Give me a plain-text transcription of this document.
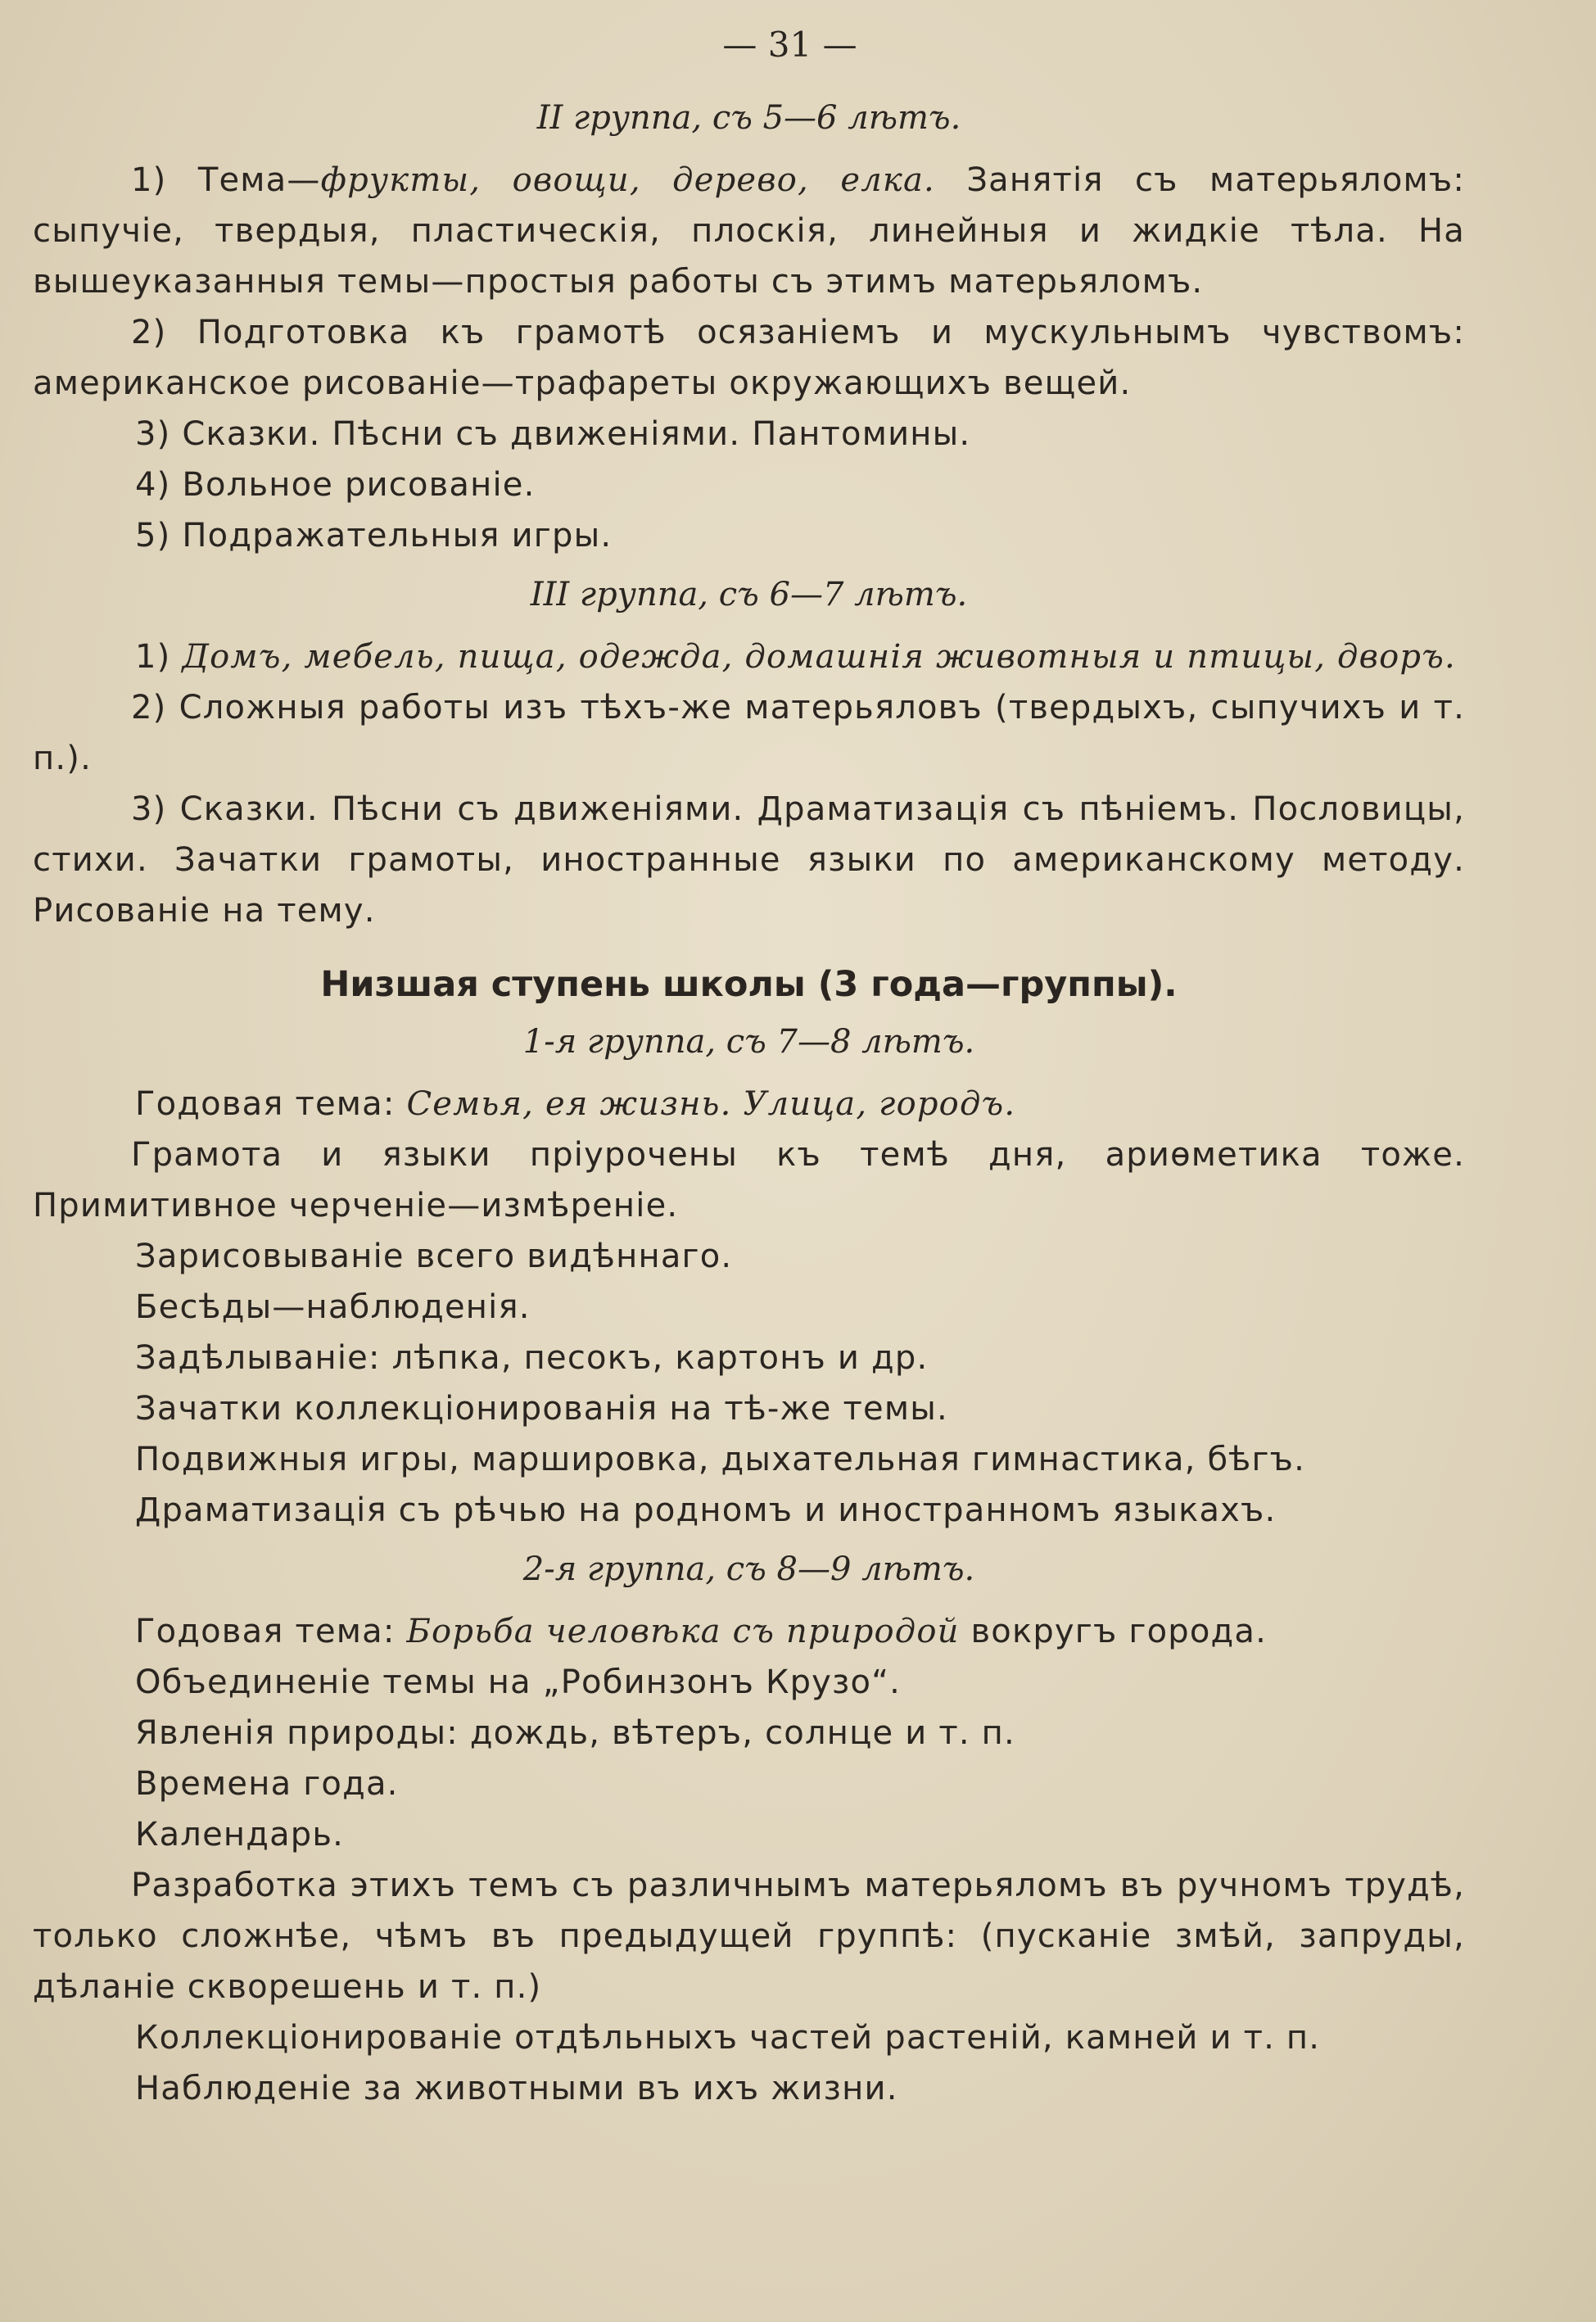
— 31 —
II группа, съ 5—6 лѣтъ.

1) Тема—фрукты, овощи, дерево, елка. Занятія съ матерьяломъ: сыпучіе, твердыя, пластическія, плоскія, линейныя и жидкіе тѣла. На вышеуказанныя темы—простыя работы съ этимъ матерьяломъ.

2) Подготовка къ грамотѣ осязаніемъ и мускульнымъ чувствомъ: американское рисованіе—трафареты окружающихъ вещей.

3) Сказки. Пѣсни съ движеніями. Пантомины.

4) Вольное рисованіе.

5) Подражательныя игры.

III группа, съ 6—7 лѣтъ.

1) Домъ, мебель, пища, одежда, домашнія животныя и птицы, дворъ.

2) Сложныя работы изъ тѣхъ-же матерьяловъ (твердыхъ, сыпучихъ и т. п.).

3) Сказки. Пѣсни съ движеніями. Драматизація съ пѣніемъ. Пословицы, стихи. Зачатки грамоты, иностранные языки по американскому методу. Рисованіе на тему.

Низшая ступень школы (3 года—группы).
1-я группа, съ 7—8 лѣтъ.

Годовая тема: Семья, ея жизнь. Улица, городъ.

Грамота и языки пріурочены къ темѣ дня, ариѳметика тоже. Примитивное черченіе—измѣреніе.

Зарисовываніе всего видѣннаго.

Бесѣды—наблюденія.

Задѣлываніе: лѣпка, песокъ, картонъ и др.

Зачатки коллекціонированія на тѣ-же темы.

Подвижныя игры, маршировка, дыхательная гимнастика, бѣгъ.

Драматизація съ рѣчью на родномъ и иностранномъ языкахъ.

2-я группа, съ 8—9 лѣтъ.

Годовая тема: Борьба человѣка съ природой вокругъ города.

Объединеніе темы на „Робинзонъ Крузо“.

Явленія природы: дождь, вѣтеръ, солнце и т. п.

Времена года.

Календарь.

Разработка этихъ темъ съ различнымъ матерьяломъ въ ручномъ трудѣ, только сложнѣе, чѣмъ въ предыдущей группѣ: (пусканіе змѣй, запруды, дѣланіе скворешень и т. п.)

Коллекціонированіе отдѣльныхъ частей растеній, камней и т. п.

Наблюденіе за животными въ ихъ жизни.
